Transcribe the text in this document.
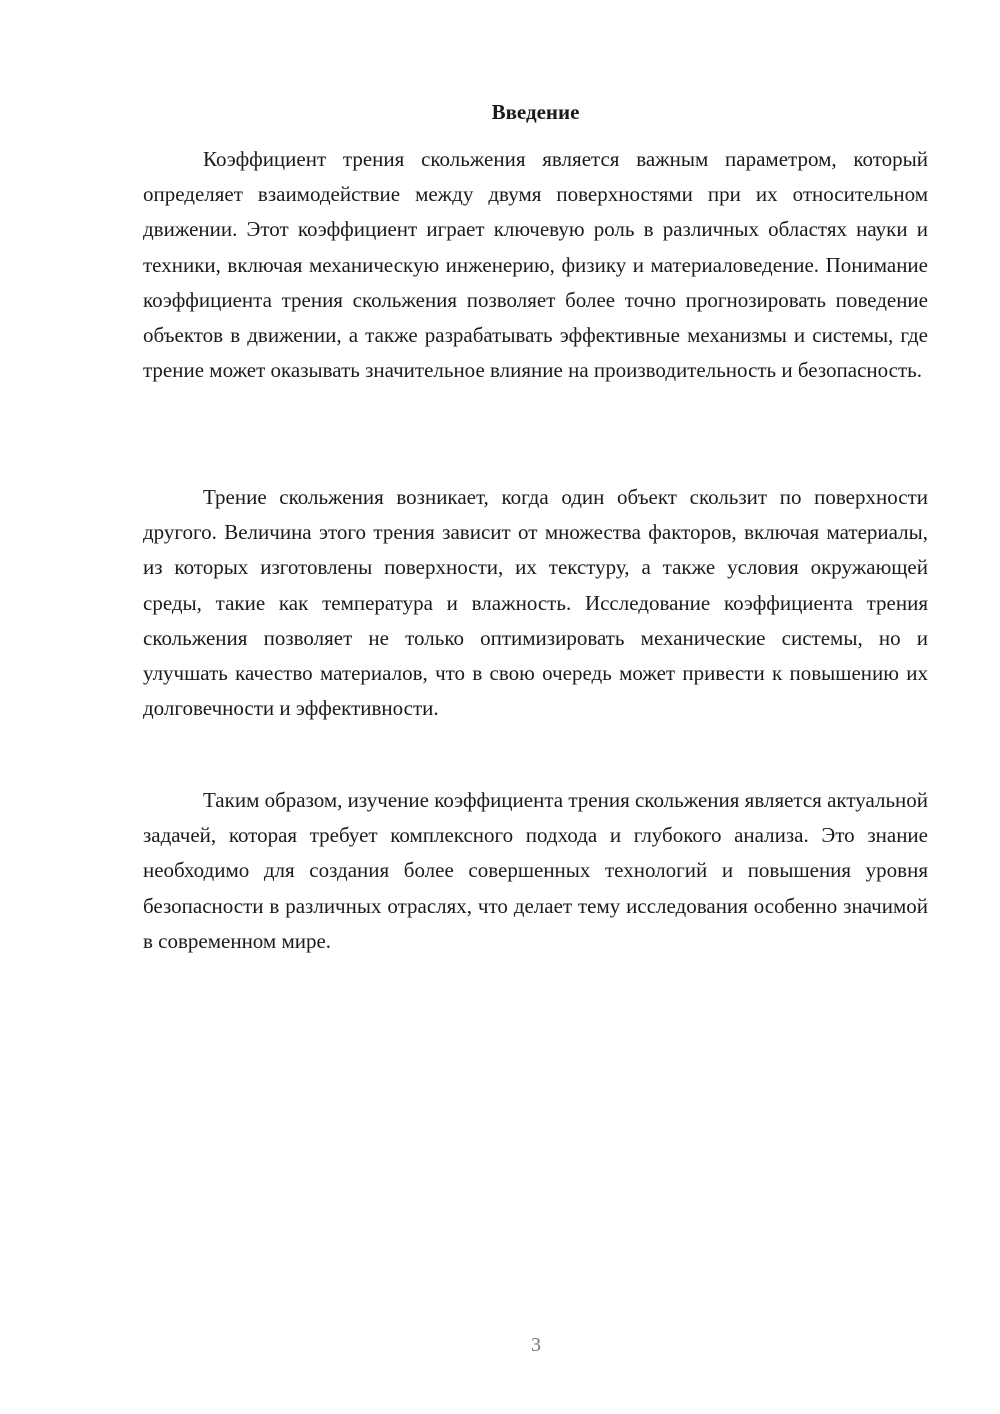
Введение

Коэффициент трения скольжения является важным параметром, который определяет взаимодействие между двумя поверхностями при их относительном движении. Этот коэффициент играет ключевую роль в различных областях науки и техники, включая механическую инженерию, физику и материаловедение. Понимание коэффициента трения скольжения позволяет более точно прогнозировать поведение объектов в движении, а также разрабатывать эффективные механизмы и системы, где трение может оказывать значительное влияние на производительность и безопасность.

Трение скольжения возникает, когда один объект скользит по поверхности другого. Величина этого трения зависит от множества факторов, включая материалы, из которых изготовлены поверхности, их текстуру, а также условия окружающей среды, такие как температура и влажность. Исследование коэффициента трения скольжения позволяет не только оптимизировать механические системы, но и улучшать качество материалов, что в свою очередь может привести к повышению их долговечности и эффективности.

Таким образом, изучение коэффициента трения скольжения является актуальной задачей, которая требует комплексного подхода и глубокого анализа. Это знание необходимо для создания более совершенных технологий и повышения уровня безопасности в различных отраслях, что делает тему исследования особенно значимой в современном мире.

3
